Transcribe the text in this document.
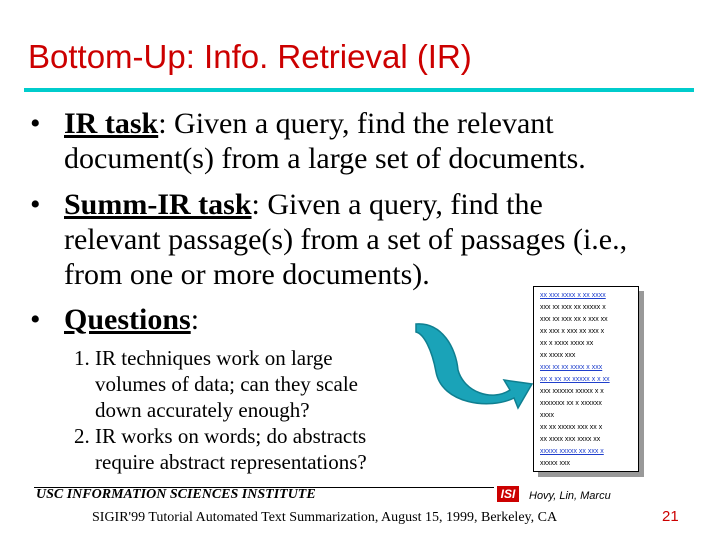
Bottom-Up: Info. Retrieval (IR)
• IR task: Given a query, find the relevant
document(s) from a large set of documents.
• Summ-IR task: Given a query, find the
relevant passage(s) from a set of passages (i.e.,
from one or more documents).
• Questions:
1. IR techniques work on large
volumes of data; can they scale
down accurately enough?
2. IR works on words; do abstracts
require abstract representations?
xx xxx xxxx x xx xxxx
xxx xx xxx xx xxxxx x
xxx xx xxx xx x xxx xx
xx xxx x xxx xx xxx x
xx x xxxx xxxx xx
xx xxxx xxx
xxx xx xx xxxx x xxx
xx x xx xx xxxxx x x xx
xxx xxxxxx xxxxx x x
xxxxxxx xx x xxxxxx
xxxx
xx xx xxxxx xxx xx x
xx xxxx xxx xxxx xx
xxxxx xxxxx xx xxx x
xxxxx xxx
USC INFORMATION SCIENCES INSTITUTE	ISI	Hovy, Lin, Marcu
SIGIR'99 Tutorial Automated Text Summarization, August 15, 1999, Berkeley, CA	21
